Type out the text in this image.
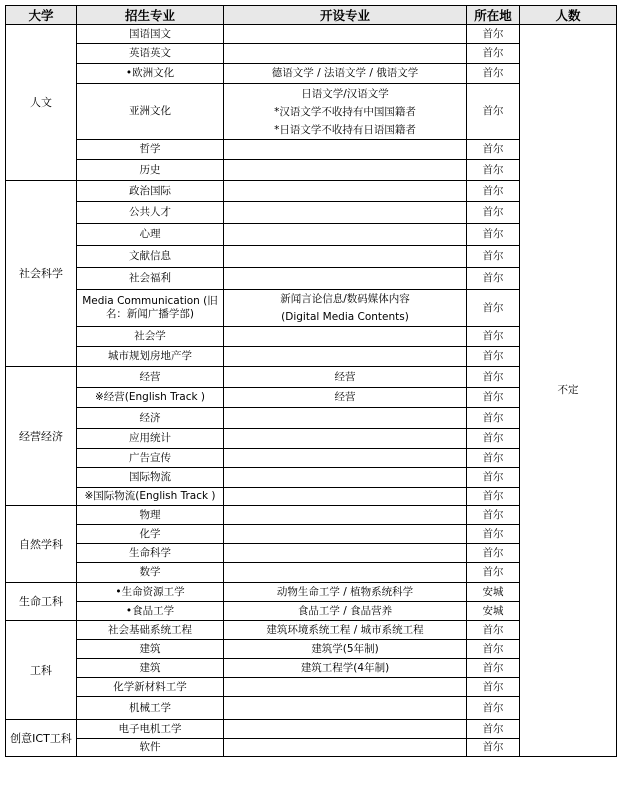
大学	招生专业	开设专业	所在地	人数
人文	国语国文		首尔	不定
	英语英文		首尔	
	•欧洲文化	德语文学 / 法语文学 / 俄语文学	首尔	
	亚洲文化	日语文学/汉语文学
*汉语文学不收持有中国国籍者
*日语文学不收持有日语国籍者	首尔	
	哲学		首尔	
	历史		首尔	
社会科学	政治国际		首尔	
	公共人才		首尔	
	心理		首尔	
	文献信息		首尔	
	社会福利		首尔	
	Media Communication (旧名：新闻广播学部)	新闻言论信息/数码媒体内容
(Digital Media Contents)	首尔	
	社会学		首尔	
	城市规划房地产学		首尔	
经营经济	经营	经营	首尔	
	※经营(English Track )	经营	首尔	
	经济		首尔	
	应用统计		首尔	
	广告宣传		首尔	
	国际物流		首尔	
	※国际物流(English Track )		首尔	
自然学科	物理		首尔	
	化学		首尔	
	生命科学		首尔	
	数学		首尔	
生命工科	•生命资源工学	动物生命工学 / 植物系统科学	安城	
	•食品工学	食品工学 / 食品营养	安城	
工科	社会基础系统工程	建筑环境系统工程 / 城市系统工程	首尔	
	建筑	建筑学(5年制)	首尔	
	建筑	建筑工程学(4年制)	首尔	
	化学新材料工学		首尔	
	机械工学		首尔	
创意ICT工科	电子电机工学		首尔	
	软件		首尔	
